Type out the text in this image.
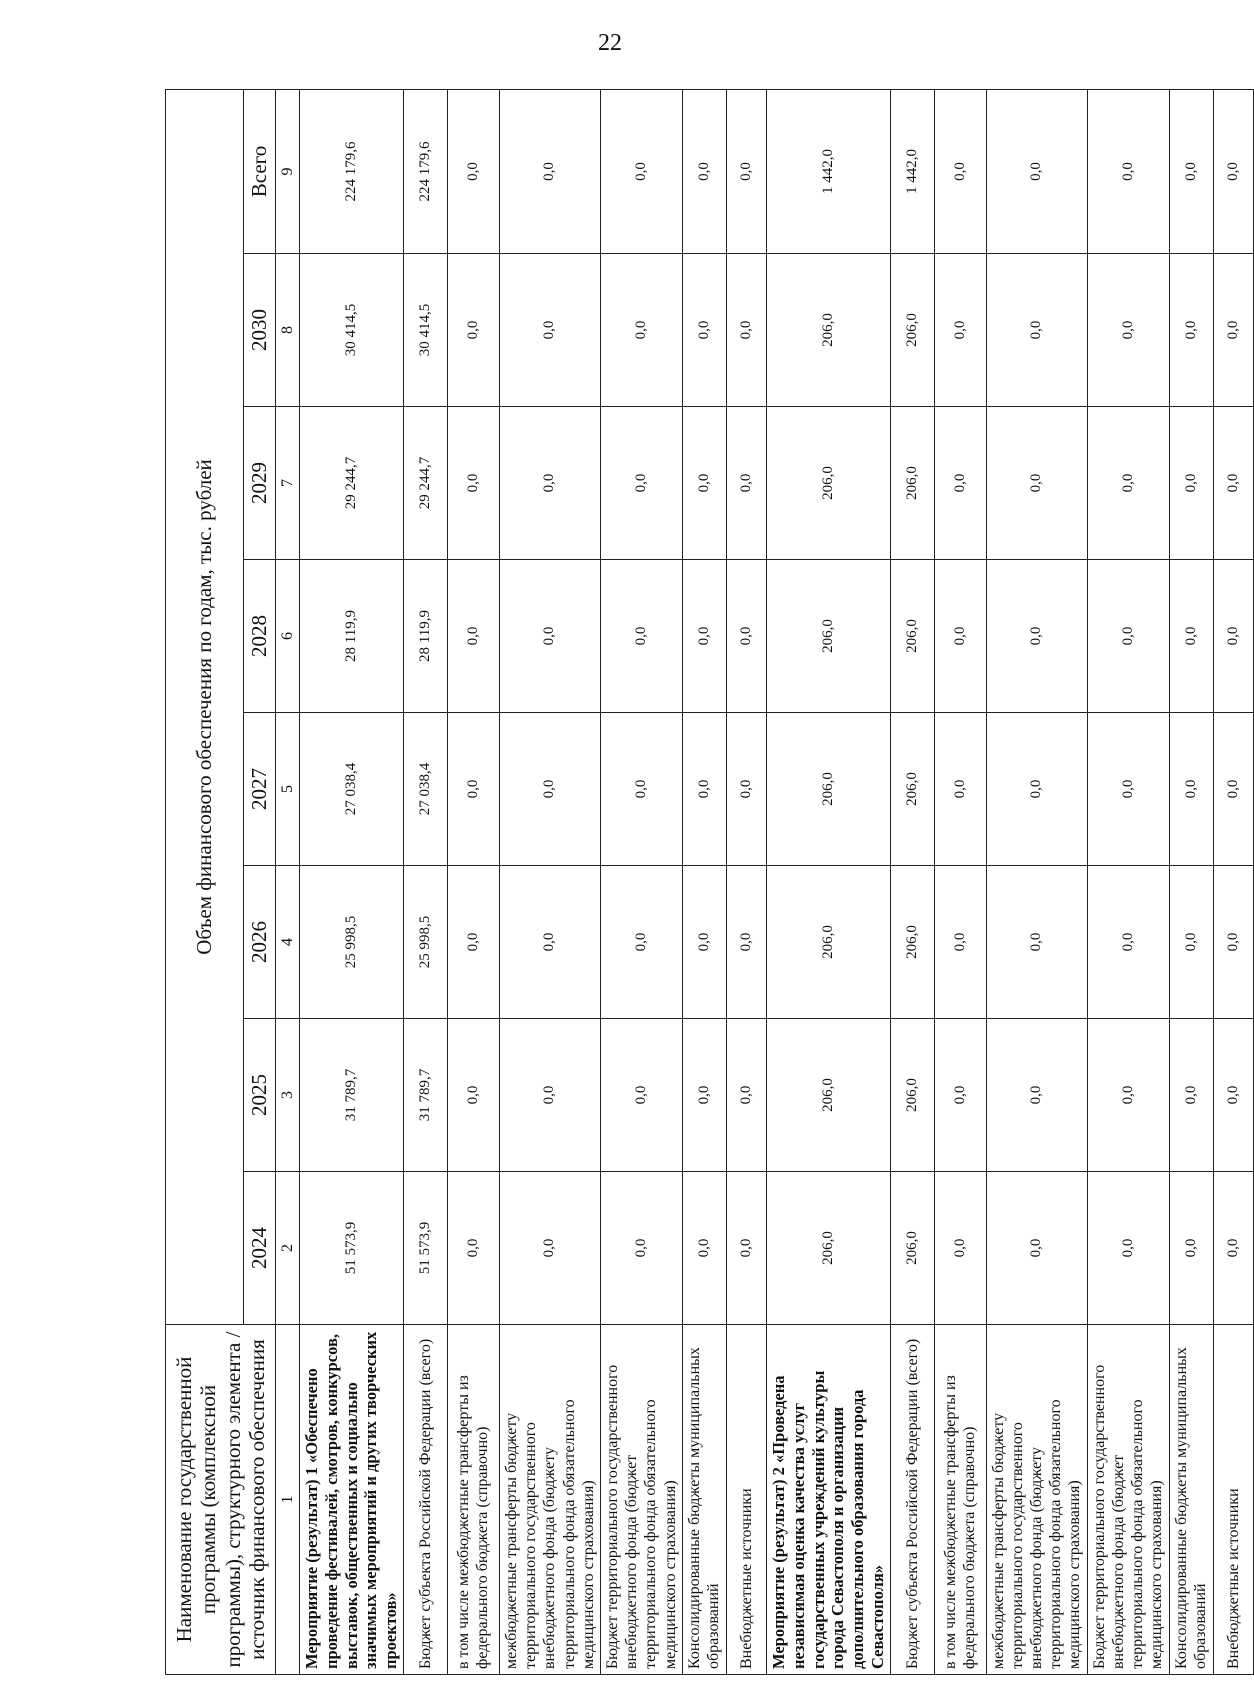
22
Наименование государственной программы (комплексной программы), структурного элемента / источник финансового обеспечения	Объем финансового обеспечения по годам, тыс. рублей							
	2024	2025	2026	2027	2028	2029	2030	Всего
1	2	3	4	5	6	7	8	9
Мероприятие (результат) 1 «Обеспечено проведение фестивалей, смотров, конкурсов, выставок, общественных и социально значимых мероприятий и других творческих проектов»	51 573,9	31 789,7	25 998,5	27 038,4	28 119,9	29 244,7	30 414,5	224 179,6
Бюджет субъекта Российской Федерации (всего)	51 573,9	31 789,7	25 998,5	27 038,4	28 119,9	29 244,7	30 414,5	224 179,6
в том числе межбюджетные трансферты из федерального бюджета (справочно)	0,0	0,0	0,0	0,0	0,0	0,0	0,0	0,0
межбюджетные трансферты бюджету территориального государственного внебюджетного фонда (бюджету территориального фонда обязательного медицинского страхования)	0,0	0,0	0,0	0,0	0,0	0,0	0,0	0,0
Бюджет территориального государственного внебюджетного фонда (бюджет территориального фонда обязательного медицинского страхования)	0,0	0,0	0,0	0,0	0,0	0,0	0,0	0,0
Консолидированные бюджеты муниципальных образований	0,0	0,0	0,0	0,0	0,0	0,0	0,0	0,0
Внебюджетные источники	0,0	0,0	0,0	0,0	0,0	0,0	0,0	0,0
Мероприятие (результат) 2 «Проведена независимая оценка качества услуг государственных учреждений культуры города Севастополя и организации дополнительного образования города Севастополя»	206,0	206,0	206,0	206,0	206,0	206,0	206,0	1 442,0
Бюджет субъекта Российской Федерации (всего)	206,0	206,0	206,0	206,0	206,0	206,0	206,0	1 442,0
в том числе межбюджетные трансферты из федерального бюджета (справочно)	0,0	0,0	0,0	0,0	0,0	0,0	0,0	0,0
межбюджетные трансферты бюджету территориального государственного внебюджетного фонда (бюджету территориального фонда обязательного медицинского страхования)	0,0	0,0	0,0	0,0	0,0	0,0	0,0	0,0
Бюджет территориального государственного внебюджетного фонда (бюджет территориального фонда обязательного медицинского страхования)	0,0	0,0	0,0	0,0	0,0	0,0	0,0	0,0
Консолидированные бюджеты муниципальных образований	0,0	0,0	0,0	0,0	0,0	0,0	0,0	0,0
Внебюджетные источники	0,0	0,0	0,0	0,0	0,0	0,0	0,0	0,0
